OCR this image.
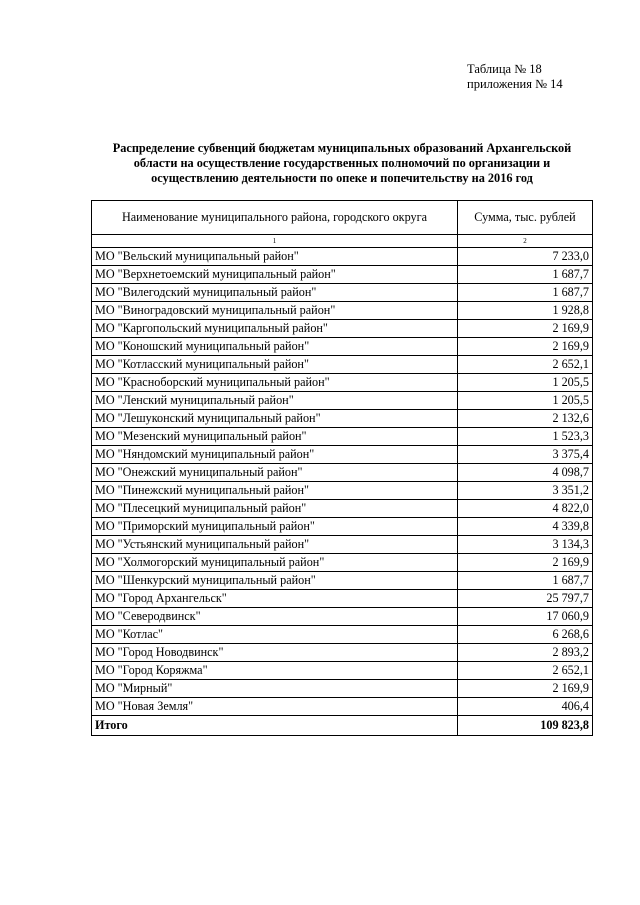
Таблица № 18
приложения № 14
Распределение субвенций бюджетам муниципальных образований Архангельской
области на осуществление государственных полномочий по организации и
осуществлению деятельности по опеке и попечительству на 2016 год
Наименование муниципального района, городского округа	Сумма, тыс. рублей
1	2
МО "Вельский муниципальный район"	7 233,0
МО "Верхнетоемский муниципальный район"	1 687,7
МО "Вилегодский муниципальный район"	1 687,7
МО "Виноградовский муниципальный район"	1 928,8
МО "Каргопольский муниципальный район"	2 169,9
МО "Коношский муниципальный район"	2 169,9
МО "Котласский муниципальный район"	2 652,1
МО "Красноборский муниципальный район"	1 205,5
МО "Ленский муниципальный район"	1 205,5
МО "Лешуконский муниципальный район"	2 132,6
МО "Мезенский муниципальный район"	1 523,3
МО "Няндомский муниципальный район"	3 375,4
МО "Онежский муниципальный район"	4 098,7
МО "Пинежский муниципальный район"	3 351,2
МО "Плесецкий муниципальный район"	4 822,0
МО "Приморский муниципальный район"	4 339,8
МО "Устьянский муниципальный район"	3 134,3
МО "Холмогорский муниципальный район"	2 169,9
МО "Шенкурский муниципальный район"	1 687,7
МО "Город Архангельск"	25 797,7
МО "Северодвинск"	17 060,9
МО "Котлас"	6 268,6
МО "Город Новодвинск"	2 893,2
МО "Город Коряжма"	2 652,1
МО "Мирный"	2 169,9
МО "Новая Земля"	406,4
Итого	109 823,8
